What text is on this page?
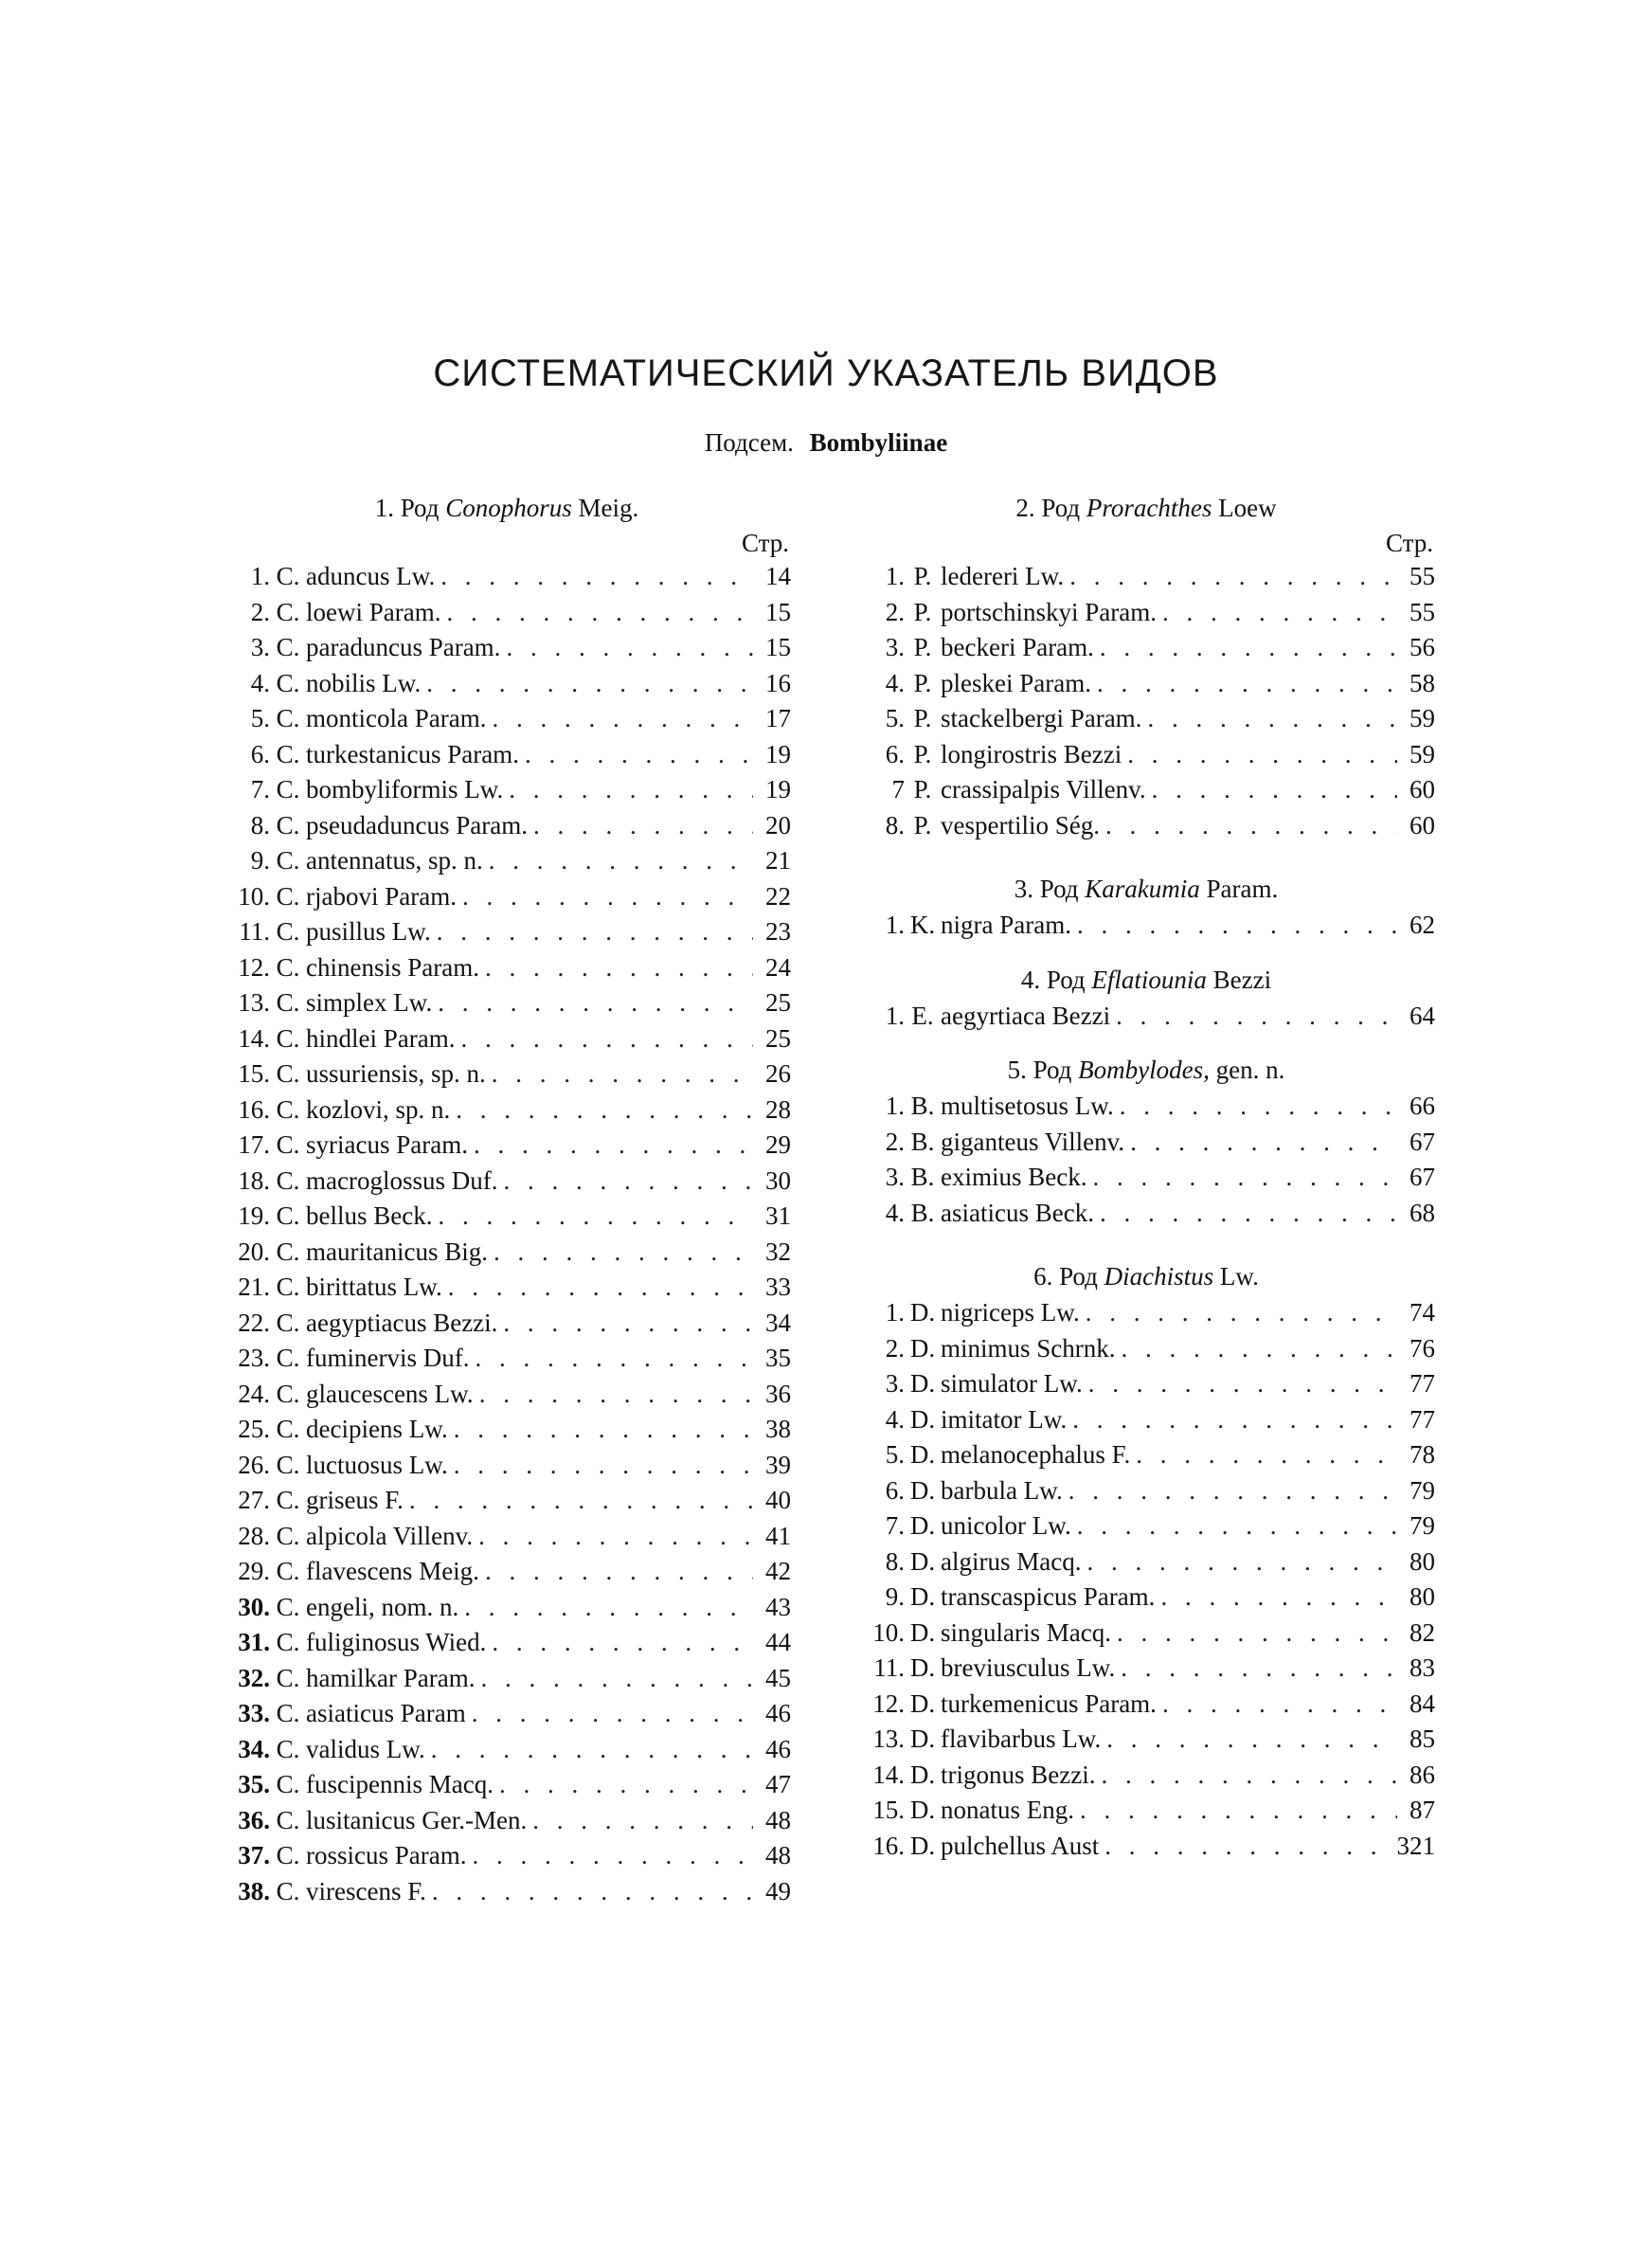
СИСТЕМАТИЧЕСКИЙ УКАЗАТЕЛЬ ВИДОВ
Подсем. Bombyliinae
1. Род Conophorus Meig.
Стр.
1. C. aduncus Lw. . . .	14
2. C. loewi Param. . . .	15
3. C. paraduncus Param. . . .	15
4. C. nobilis Lw. . . .	16
5. C. monticola Param. . . .	17
6. C. turkestanicus Param. . . .	19
7. C. bombyliformis Lw. . . .	19
8. C. pseudaduncus Param. . . .	20
9. C. antennatus, sp. n. . . .	21
10. C. rjabovi Param. . . .	22
11. C. pusillus Lw. . . .	23
12. C. chinensis Param. . . .	24
13. C. simplex Lw. . . .	25
14. C. hindlei Param. . . .	25
15. C. ussuriensis, sp. n. . . .	26
16. C. kozlovi, sp. n. . . .	28
17. C. syriacus Param. . . .	29
18. C. macroglossus Duf. . . .	30
19. C. bellus Beck. . . .	31
20. C. mauritanicus Big. . . .	32
21. C. birittatus Lw. . . .	33
22. C. aegyptiacus Bezzi. . . .	34
23. C. fuminervis Duf. . . .	35
24. C. glaucescens Lw. . . .	36
25. C. decipiens Lw. . . .	38
26. C. luctuosus Lw. . . .	39
27. C. griseus F. . . .	40
28. C. alpicola Villenv. . . .	41
29. C. flavescens Meig. . . .	42
30. C. engeli, nom. n. . . .	43
31. C. fuliginosus Wied. . . .	44
32. C. hamilkar Param. . . .	45
33. C. asiaticus Param . . .	46
34. C. validus Lw. . . .	46
35. C. fuscipennis Macq. . . .	47
36. C. lusitanicus Ger.-Men. . . .	48
37. C. rossicus Param. . . .	48
38. C. virescens F. . . .	49
2. Род Prorachthes Loew
Стр.
1. P. ledereri Lw. . . .	55
2. P. portschinskyi Param. . . .	55
3. P. beckeri Param. . . .	56
4. P. pleskei Param. . . .	58
5. P. stackelbergi Param. . . .	59
6. P. longirostris Bezzi . . .	59
7 P. crassipalpis Villenv. . . .	60
8. P. vespertilio Ség. . . .	60
3. Род Karakumia Param.
1. K. nigra Param. . . .	62
4. Род Eflatiounia Bezzi
1. E. aegyrtiaca Bezzi . . .	64
5. Род Bombylodes, gen. n.
1. B. multisetosus Lw. . . .	66
2. B. giganteus Villenv. . . .	67
3. B. eximius Beck. . . .	67
4. B. asiaticus Beck. . . .	68
6. Род Diachistus Lw.
1. D. nigriceps Lw. . . .	74
2. D. minimus Schrnk. . . .	76
3. D. simulator Lw. . . .	77
4. D. imitator Lw. . . .	77
5. D. melanocephalus F. . . .	78
6. D. barbula Lw. . . .	79
7. D. unicolor Lw. . . .	79
8. D. algirus Macq. . . .	80
9. D. transcaspicus Param. . . .	80
10. D. singularis Macq. . . .	82
11. D. breviusculus Lw. . . .	83
12. D. turkemenicus Param. . . .	84
13. D. flavibarbus Lw. . . .	85
14. D. trigonus Bezzi. . . .	86
15. D. nonatus Eng. . . .	87
16. D. pulchellus Aust . . .	321
